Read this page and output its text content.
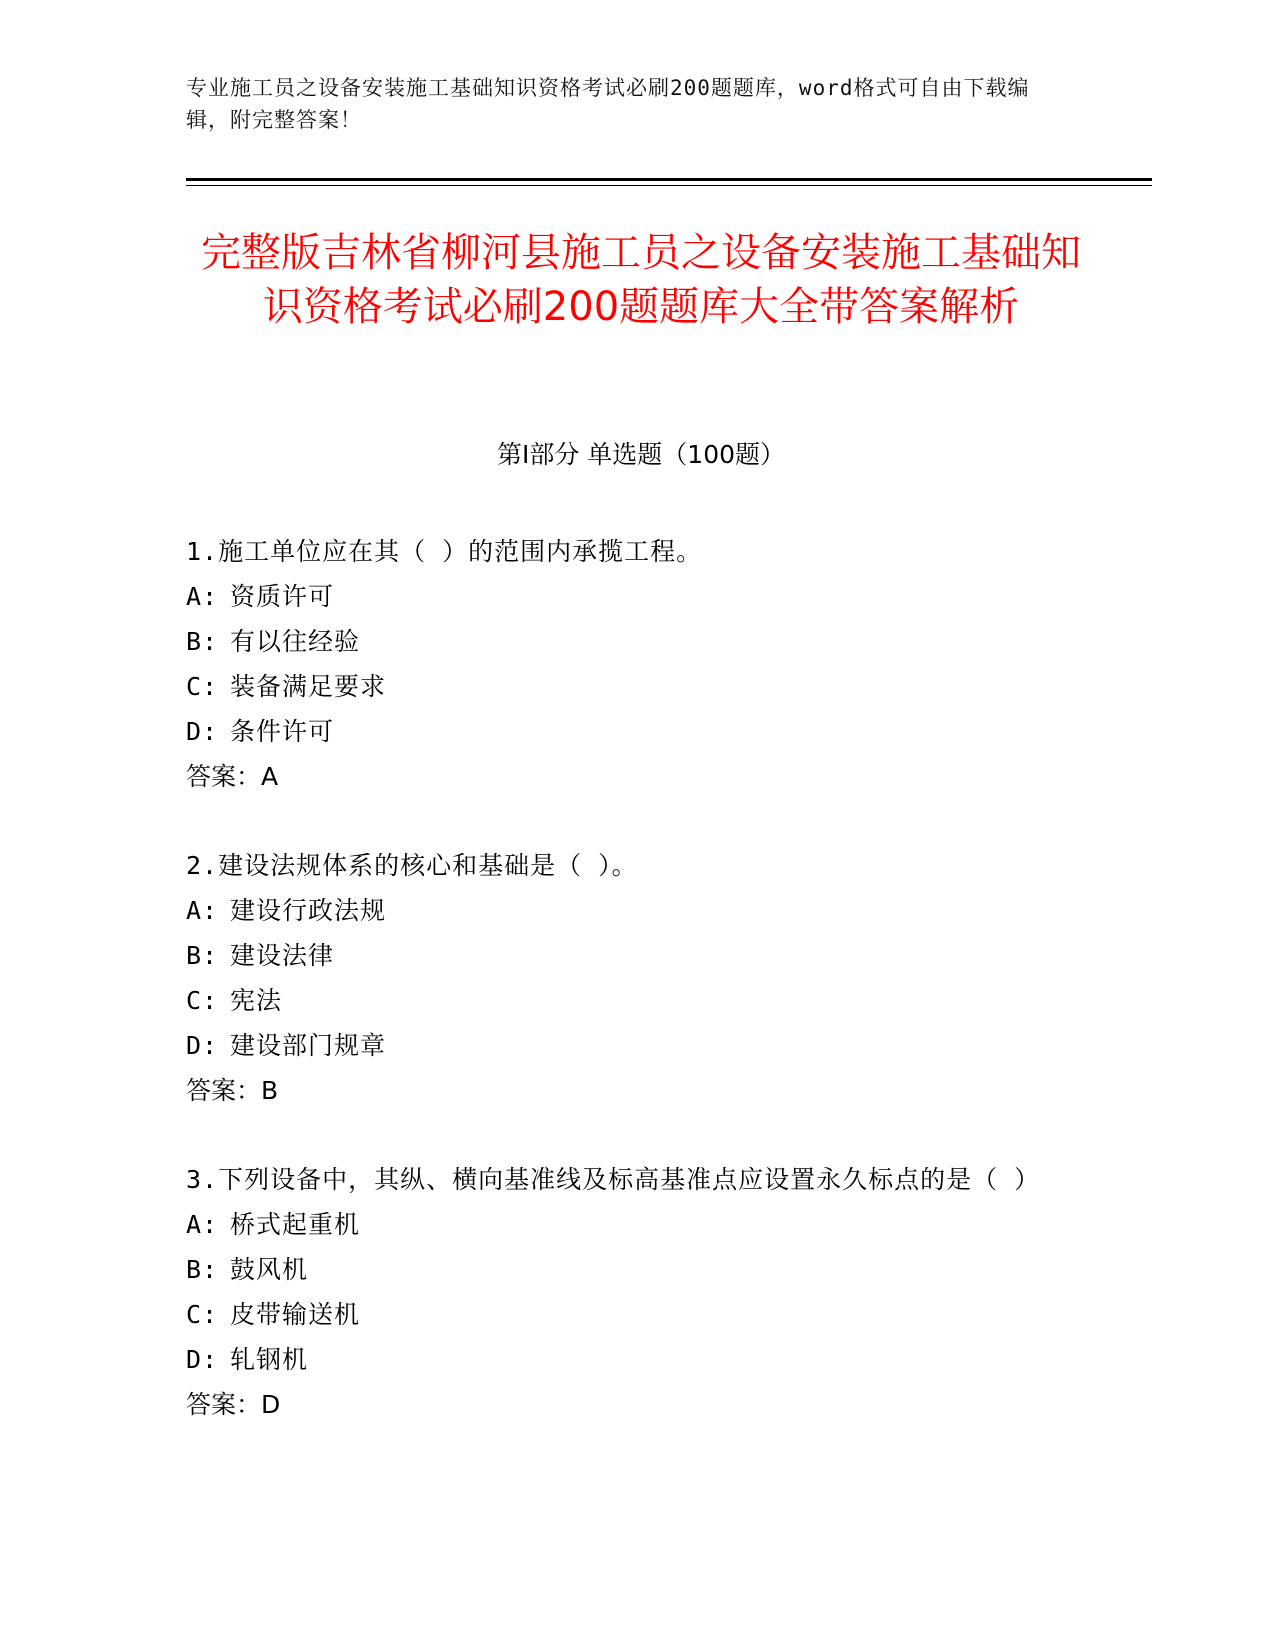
专业施工员之设备安装施工基础知识资格考试必刷200题题库，word格式可自由下载编辑，附完整答案！

完整版吉林省柳河县施工员之设备安装施工基础知识资格考试必刷200题题库大全带答案解析
第Ⅰ部分 单选题（100题）

1.施工单位应在其（ ）的范围内承揽工程。

A: 资质许可

B: 有以往经验

C: 装备满足要求

D: 条件许可

答案：A

2.建设法规体系的核心和基础是（ ）。

A: 建设行政法规

B: 建设法律

C: 宪法

D: 建设部门规章

答案：B

3.下列设备中，其纵、横向基准线及标高基准点应设置永久标点的是（ ）

A: 桥式起重机

B: 鼓风机

C: 皮带输送机

D: 轧钢机

答案：D
